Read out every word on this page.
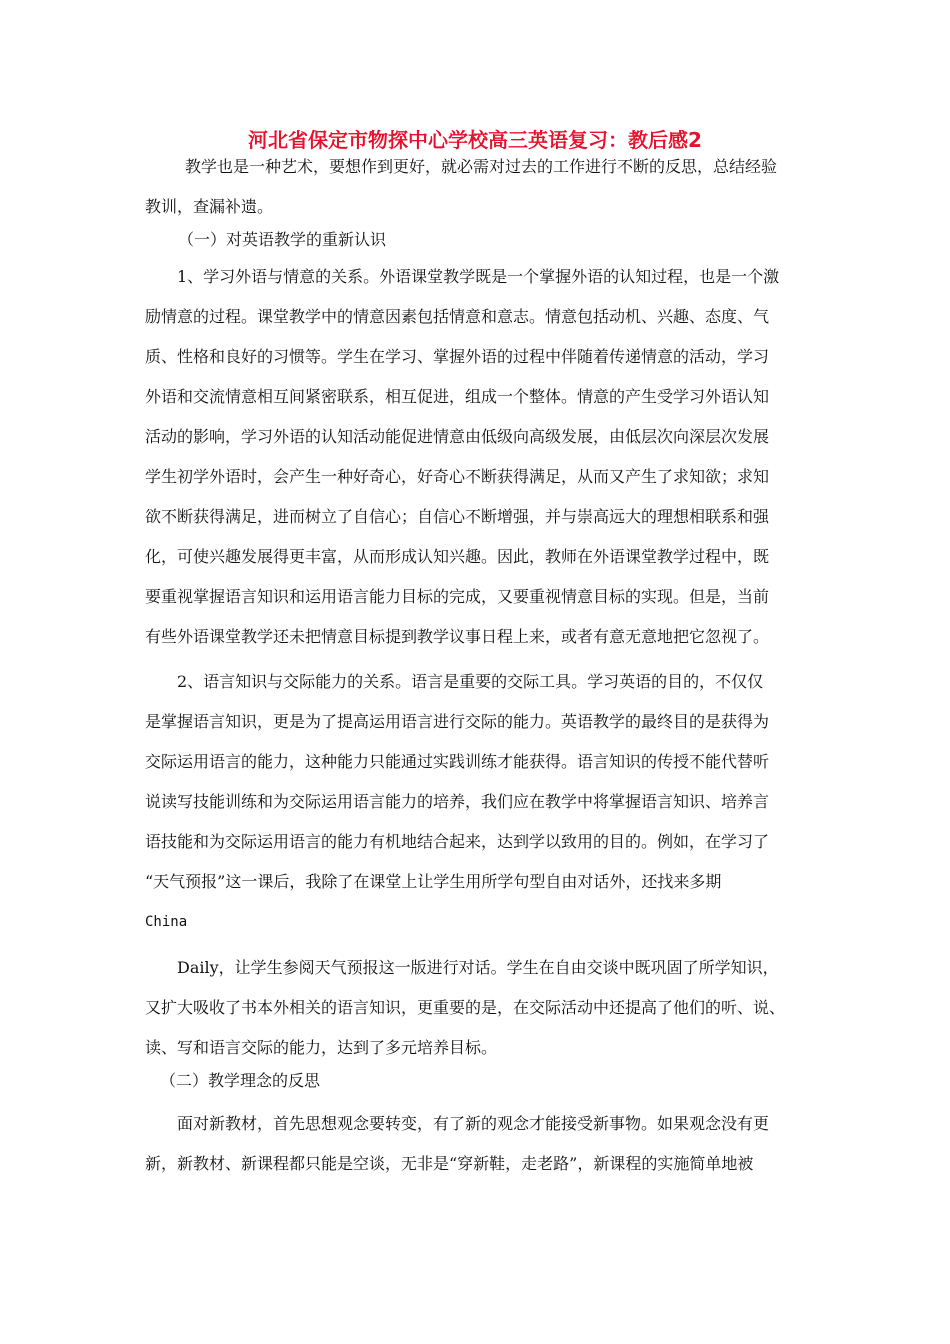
河北省保定市物探中心学校高三英语复习：教后感2
教学也是一种艺术，要想作到更好，就必需对过去的工作进行不断的反思，总结经验
教训，查漏补遗。

（一）对英语教学的重新认识

1、学习外语与情意的关系。外语课堂教学既是一个掌握外语的认知过程，也是一个激
励情意的过程。课堂教学中的情意因素包括情意和意志。情意包括动机、兴趣、态度、气
质、性格和良好的习惯等。学生在学习、掌握外语的过程中伴随着传递情意的活动，学习
外语和交流情意相互间紧密联系，相互促进，组成一个整体。情意的产生受学习外语认知
活动的影响，学习外语的认知活动能促进情意由低级向高级发展，由低层次向深层次发展
学生初学外语时，会产生一种好奇心，好奇心不断获得满足，从而又产生了求知欲；求知
欲不断获得满足，进而树立了自信心；自信心不断增强，并与崇高远大的理想相联系和强
化，可使兴趣发展得更丰富，从而形成认知兴趣。因此，教师在外语课堂教学过程中，既
要重视掌握语言知识和运用语言能力目标的完成，又要重视情意目标的实现。但是，当前
有些外语课堂教学还未把情意目标提到教学议事日程上来，或者有意无意地把它忽视了。
2、语言知识与交际能力的关系。语言是重要的交际工具。学习英语的目的，不仅仅
是掌握语言知识，更是为了提高运用语言进行交际的能力。英语教学的最终目的是获得为
交际运用语言的能力，这种能力只能通过实践训练才能获得。语言知识的传授不能代替听
说读写技能训练和为交际运用语言能力的培养，我们应在教学中将掌握语言知识、培养言
语技能和为交际运用语言的能力有机地结合起来，达到学以致用的目的。例如，在学习了
“天气预报”这一课后，我除了在课堂上让学生用所学句型自由对话外，还找来多期
China
Daily，让学生参阅天气预报这一版进行对话。学生在自由交谈中既巩固了所学知识，
又扩大吸收了书本外相关的语言知识，更重要的是，在交际活动中还提高了他们的听、说、
读、写和语言交际的能力，达到了多元培养目标。

（二）教学理念的反思

面对新教材，首先思想观念要转变，有了新的观念才能接受新事物。如果观念没有更
新，新教材、新课程都只能是空谈，无非是“穿新鞋，走老路”，新课程的实施简单地被
